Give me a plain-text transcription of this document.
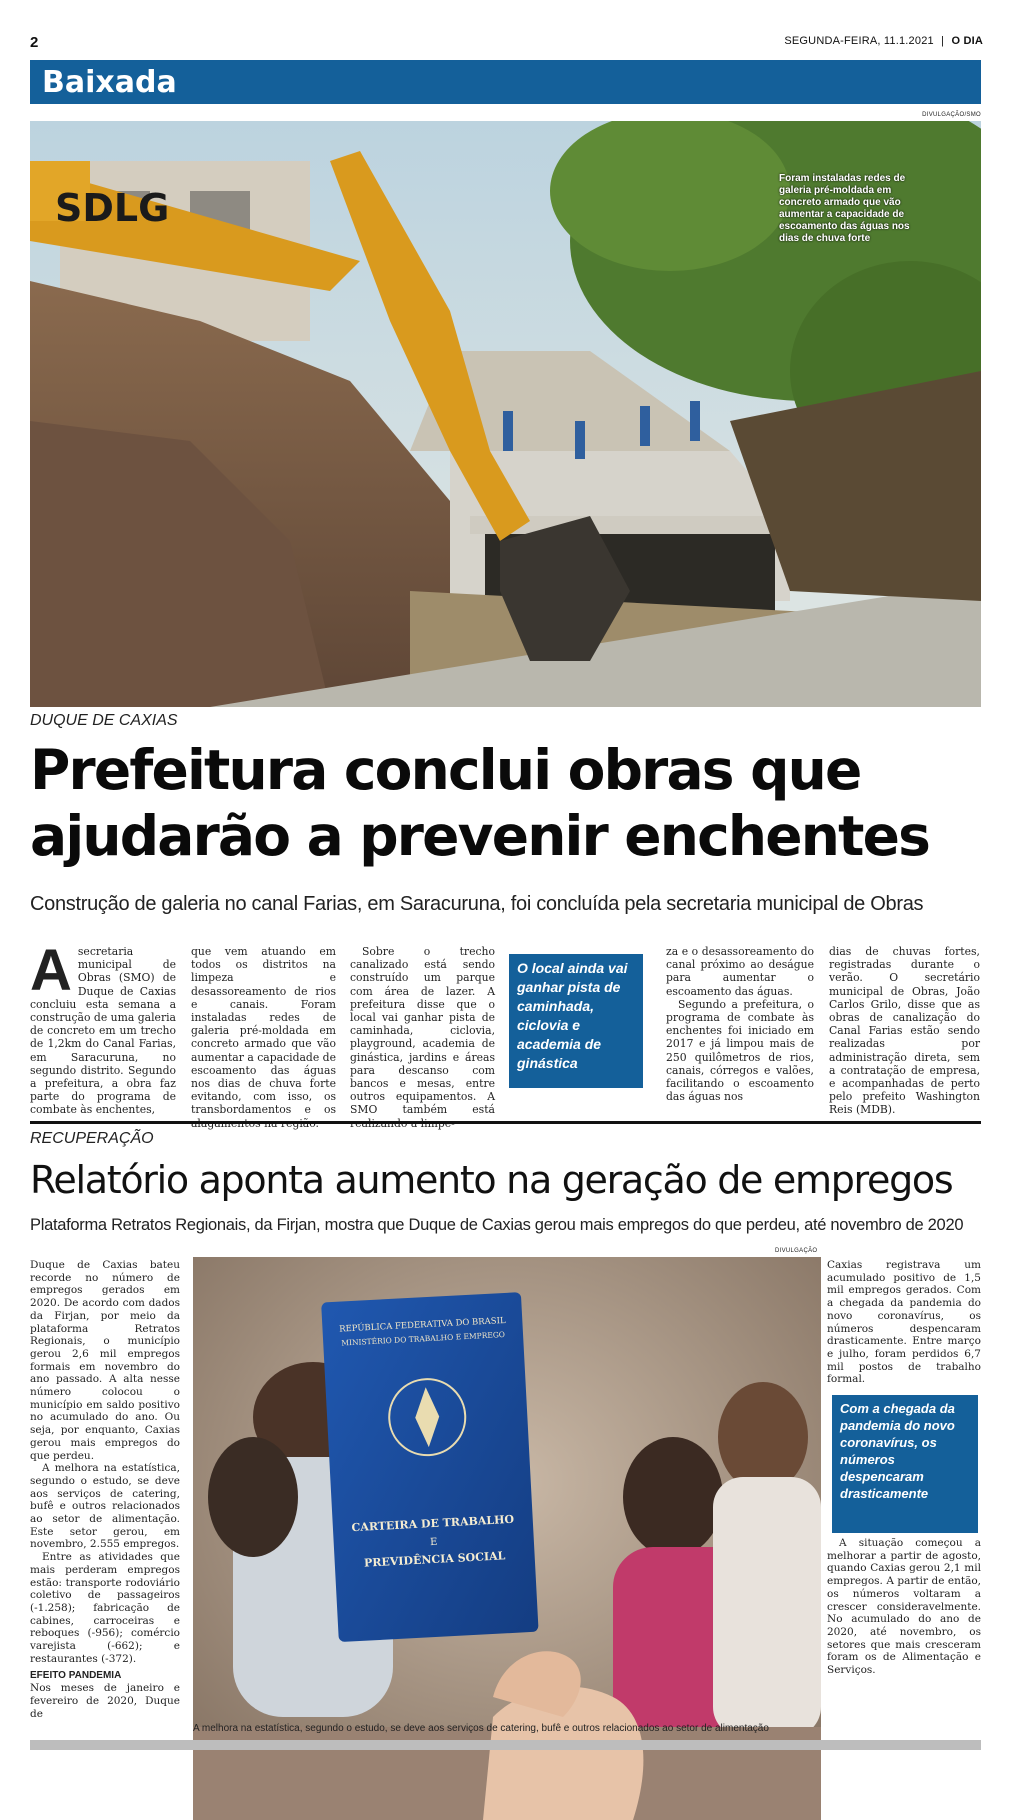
2	SEGUNDA-FEIRA, 11.1.2021 | O DIA
Baixada
DIVULGAÇÃO/SMO
SDLG
Foram instaladas redes de galeria pré-moldada em concreto armado que vão aumentar a capacidade de escoamento das águas nos dias de chuva forte
DUQUE DE CAXIAS
Prefeitura conclui obras que
ajudarão a prevenir enchentes
Construção de galeria no canal Farias, em Saracuruna, foi concluída pela secretaria municipal de Obras
A secretaria municipal de Obras (SMO) de Duque de Caxias concluiu esta semana a construção de uma galeria de concreto em um trecho de 1,2km do Canal Farias, em Saracuruna, no segundo distrito. Segundo a prefeitura, a obra faz parte do programa de combate às enchentes,

que vem atuando em todos os distritos na limpeza e desassoreamento de rios e canais. Foram instaladas redes de galeria pré-moldada em concreto armado que vão aumentar a capacidade de escoamento das águas nos dias de chuva forte evitando, com isso, os transbordamentos e os

Sobre o trecho canalizado está sendo construído um parque com área de lazer. A prefeitura disse que o local vai ganhar pista de caminhada, ciclovia, playground, academia de ginástica, jardins e áreas para descanso com bancos e mesas, entre outros equipamentos. A SMO também está

O local ainda vai ganhar pista de caminhada, ciclovia e academia de ginástica

za e o desassoreamento do canal próximo ao deságue para aumentar o escoamento das águas.

Segundo a prefeitura, o programa de combate às enchentes foi iniciado em 2017 e já limpou mais de 250 quilômetros de rios, canais, córregos e valões, facilitando o escoamento das águas nos

dias de chuvas fortes, registradas durante o verão. O secretário municipal de Obras, João Carlos Grilo, disse que as obras de canalização do Canal Farias estão sendo realizadas por administração direta, sem a contratação de empresa, e acompanhadas de perto pelo prefeito Washington Reis (MDB).

RECUPERAÇÃO
Relatório aponta aumento na geração de empregos
Plataforma Retratos Regionais, da Firjan, mostra que Duque de Caxias gerou mais empregos do que perdeu, até novembro de 2020

Duque de Caxias bateu recorde no número de empregos gerados em 2020. De acordo com dados da Firjan, por meio da plataforma Retratos Regionais, o município gerou 2,6 mil empregos formais em novembro do ano passado. A alta nesse número colocou o município em saldo positivo no acumulado do ano. Ou seja, por enquanto, Caxias gerou mais empregos do que perdeu.

A melhora na estatística, segundo o estudo, se deve aos serviços de catering, bufê e outros relacionados ao setor de alimentação. Este setor gerou, em novembro, 2.555 empregos.

Entre as atividades que mais perderam empregos estão: transporte rodoviário coletivo de passageiros (-1.258); fabricação de cabines, carroceiras e reboques (-956); comércio varejista (-662); e restaurantes (-372).

EFEITO PANDEMIA

Nos meses de janeiro e fevereiro de 2020, Duque de

DIVULGAÇÃO
REPÚBLICA FEDERATIVA DO BRASIL
MINISTÉRIO DO TRABALHO E EMPREGO
CARTEIRA DE TRABALHO
E
PREVIDÊNCIA SOCIAL

Caxias registrava um acumulado positivo de 1,5 mil empregos gerados. Com a chegada da pandemia do novo coronavírus, os números despencaram drasticamente. Entre março e julho, foram perdidos 6,7 mil postos de trabalho formal.

Com a chegada da pandemia do novo coronavírus, os números despencaram drasticamente

A situação começou a melhorar a partir de agosto, quando Caxias gerou 2,1 mil empregos. A partir de então, os números voltaram a crescer consideravelmente. No acumulado do ano de 2020, até novembro, os setores que mais cresceram foram os de Alimentação e Serviços.

A melhora na estatística, segundo o estudo, se deve aos serviços de catering, bufê e outros relacionados ao setor de alimentação
